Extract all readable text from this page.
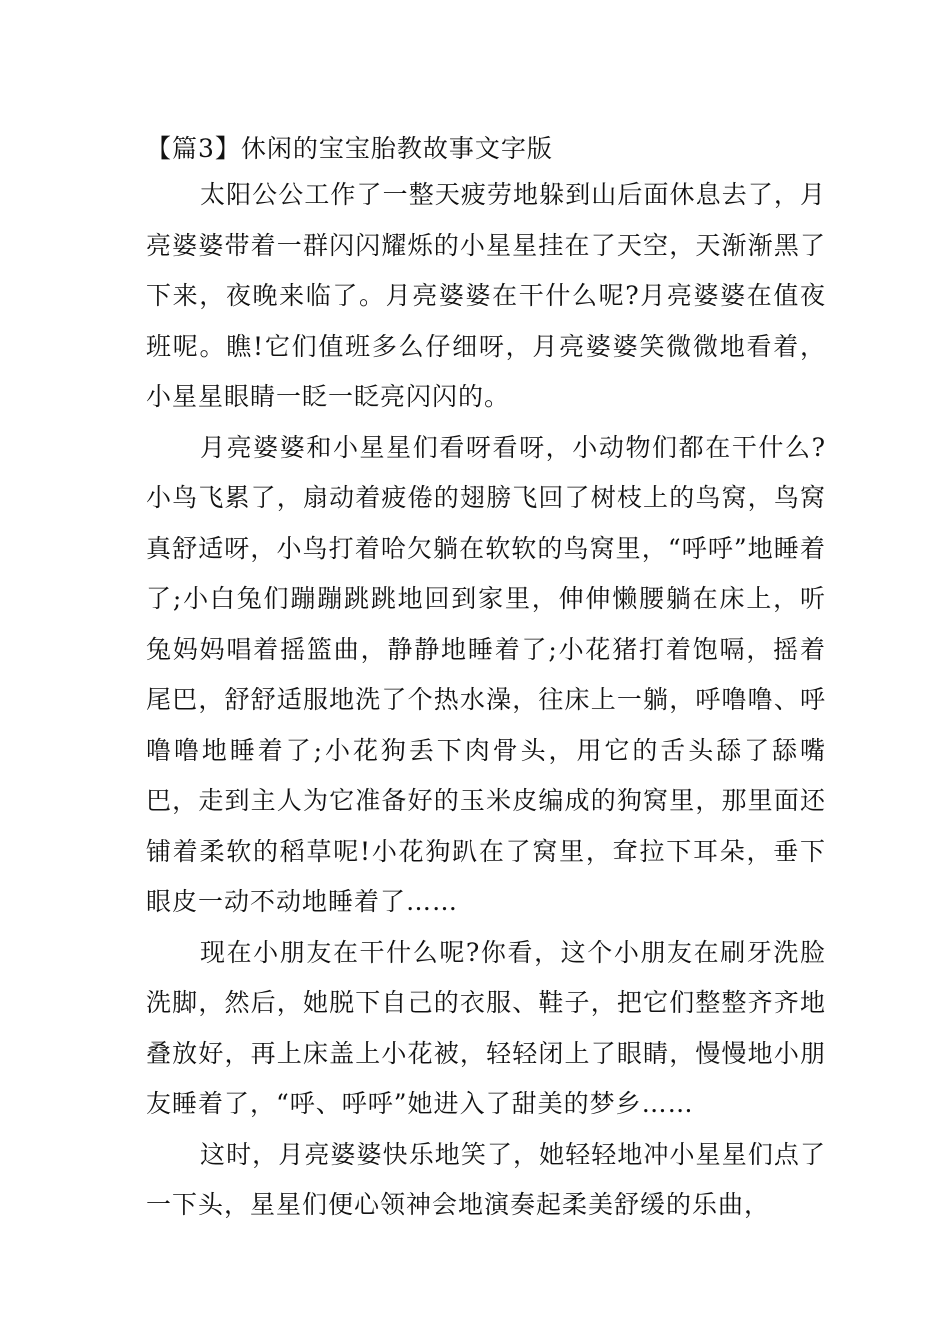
【篇3】休闲的宝宝胎教故事文字版

太阳公公工作了一整天疲劳地躲到山后面休息去了，月亮婆婆带着一群闪闪耀烁的小星星挂在了天空，天渐渐黑了下来，夜晚来临了。月亮婆婆在干什么呢?月亮婆婆在值夜班呢。瞧!它们值班多么仔细呀，月亮婆婆笑微微地看着，小星星眼睛一眨一眨亮闪闪的。

月亮婆婆和小星星们看呀看呀，小动物们都在干什么?小鸟飞累了，扇动着疲倦的翅膀飞回了树枝上的鸟窝，鸟窝真舒适呀，小鸟打着哈欠躺在软软的鸟窝里，“呼呼”地睡着了;小白兔们蹦蹦跳跳地回到家里，伸伸懒腰躺在床上，听兔妈妈唱着摇篮曲，静静地睡着了;小花猪打着饱嗝，摇着尾巴，舒舒适服地洗了个热水澡，往床上一躺，呼噜噜、呼噜噜地睡着了;小花狗丢下肉骨头，用它的舌头舔了舔嘴巴，走到主人为它准备好的玉米皮编成的狗窝里，那里面还铺着柔软的稻草呢!小花狗趴在了窝里，耷拉下耳朵，垂下眼皮一动不动地睡着了……

现在小朋友在干什么呢?你看，这个小朋友在刷牙洗脸洗脚，然后，她脱下自己的衣服、鞋子，把它们整整齐齐地叠放好，再上床盖上小花被，轻轻闭上了眼睛，慢慢地小朋友睡着了，“呼、呼呼”她进入了甜美的梦乡……

这时，月亮婆婆快乐地笑了，她轻轻地冲小星星们点了一下头，星星们便心领神会地演奏起柔美舒缓的乐曲，
